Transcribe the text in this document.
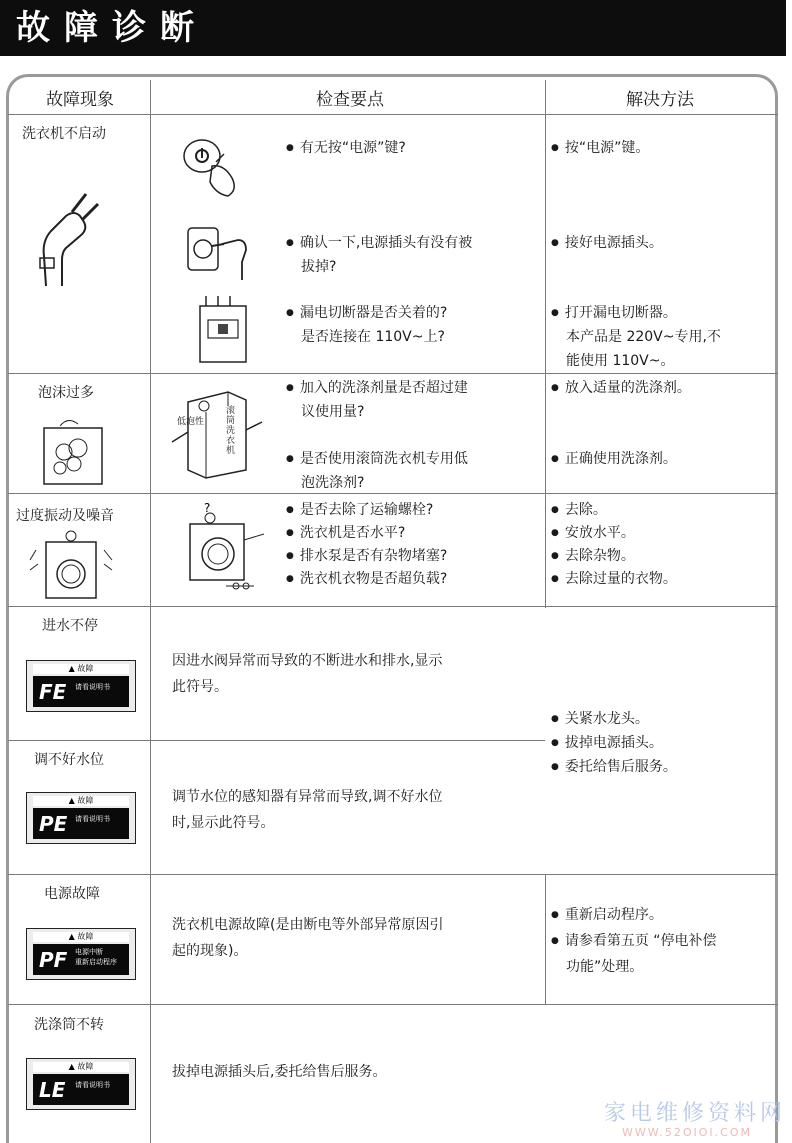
故障诊断
故障现象	检查要点	解决方法
洗衣机不启动
● 有无按“电源”键?
● 确认一下,电源插头有没有被
拔掉?
● 漏电切断器是否关着的?
是否连接在 110V~上?
● 按“电源”键。
● 接好电源插头。
● 打开漏电切断器。
本产品是 220V~专用,不
能使用 110V~。
泡沫过多
低泡性
滚筒洗衣机
● 加入的洗涤剂量是否超过建
议使用量?
● 是否使用滚筒洗衣机专用低
泡洗涤剂?
● 放入适量的洗涤剂。
● 正确使用洗涤剂。
过度振动及噪音	?
●	是否去除了运输螺栓?
● 洗衣机是否水平?
● 排水泵是否有杂物堵塞?
● 洗衣机衣物是否超负载?
● 去除。
● 安放水平。
● 去除杂物。
● 去除过量的衣物。
进水不停
▲ 故障
FE 请看说明书
因进水阀异常而导致的不断进水和排水,显示
此符号。
调不好水位
▲ 故障
PE 请看说明书
调节水位的感知器有异常而导致,调不好水位
时,显示此符号。
● 关紧水龙头。
● 拔掉电源插头。
● 委托给售后服务。
电源故障
▲ 故障
PF 电源中断
重新启动程序
洗衣机电源故障(是由断电等外部异常原因引
起的现象)。
● 重新启动程序。
● 请参看第五页 “停电补偿
功能”处理。
洗涤筒不转
▲ 故障
LE 请看说明书
拔掉电源插头后,委托给售后服务。
家电维修资料网
WWW.52OIOI.COM
